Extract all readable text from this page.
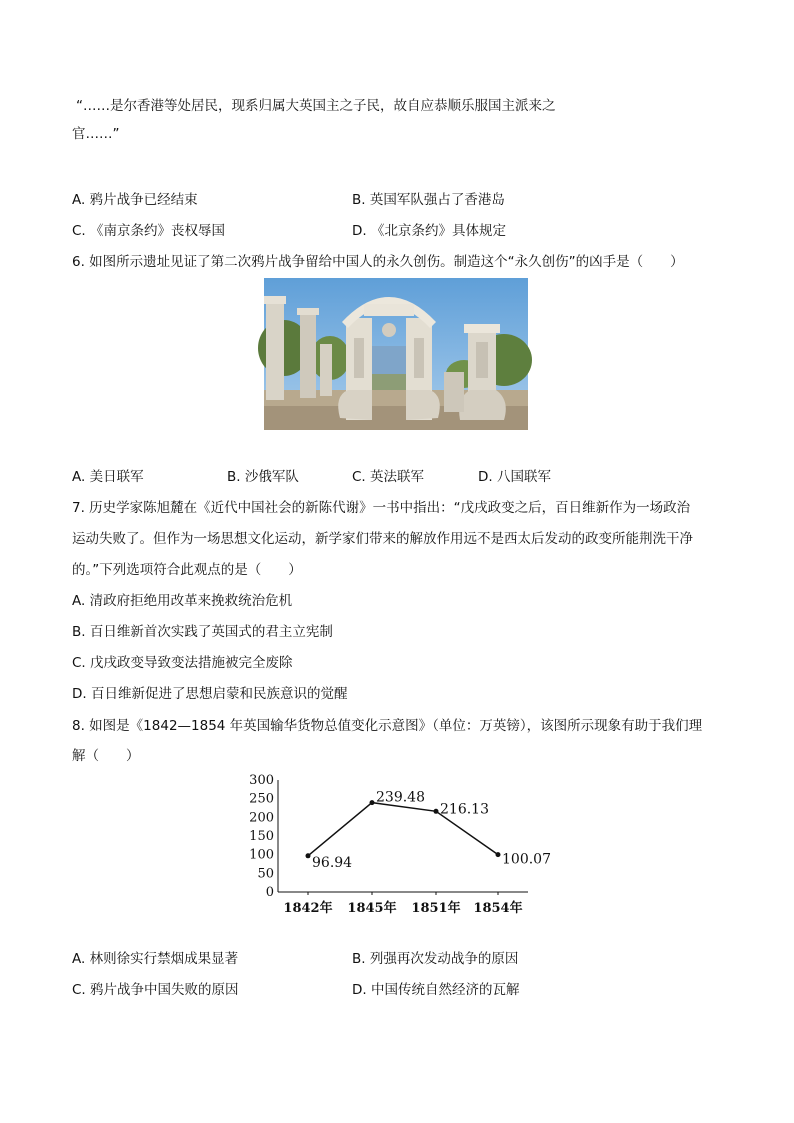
“……是尔香港等处居民，现系归属大英国主之子民，故自应恭顺乐服国主派来之
官……”
A. 鸦片战争已经结束	B. 英国军队强占了香港岛
C. 《南京条约》丧权辱国	D. 《北京条约》具体规定
6. 如图所示遗址见证了第二次鸦片战争留给中国人的永久创伤。制造这个“永久创伤”的凶手是（　　）
A. 美日联军	B. 沙俄军队	C. 英法联军	D. 八国联军
7. 历史学家陈旭麓在《近代中国社会的新陈代谢》一书中指出：“戊戌政变之后，百日维新作为一场政治
运动失败了。但作为一场思想文化运动，新学家们带来的解放作用远不是西太后发动的政变所能荆洗干净
的。”下列选项符合此观点的是（　　）
A. 清政府拒绝用改革来挽救统治危机
B. 百日维新首次实践了英国式的君主立宪制
C. 戊戌政变导致变法措施被完全废除
D. 百日维新促进了思想启蒙和民族意识的觉醒
8. 如图是《1842—1854 年英国输华货物总值变化示意图》（单位：万英镑），该图所示现象有助于我们理
解（　　）
300
250
200
150
100
50
0
1842年 1845年 1851年 1854年
96.94
239.48
216.13
100.07
A. 林则徐实行禁烟成果显著	B. 列强再次发动战争的原因
C. 鸦片战争中国失败的原因	D. 中国传统自然经济的瓦解
